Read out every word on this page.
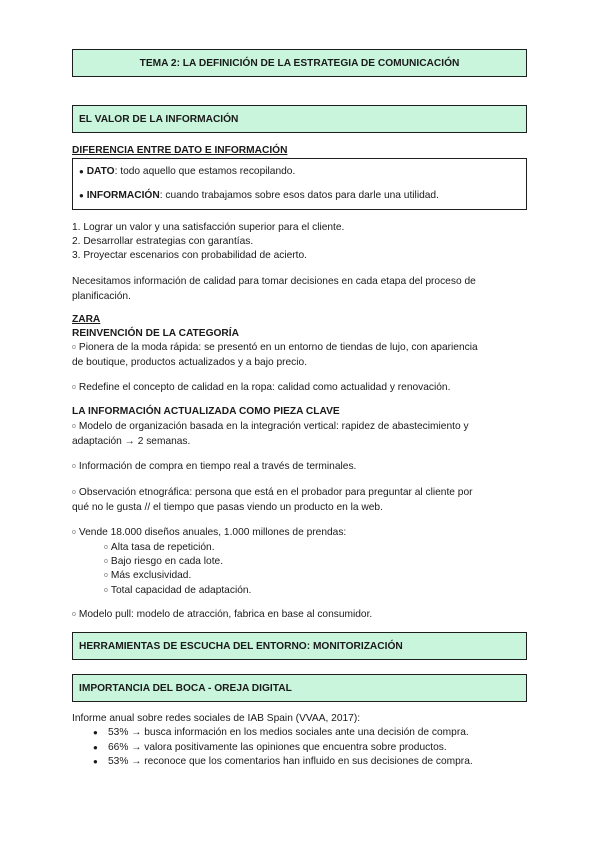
TEMA 2: LA DEFINICIÓN DE LA ESTRATEGIA DE COMUNICACIÓN
EL VALOR DE LA INFORMACIÓN
DIFERENCIA ENTRE DATO E INFORMACIÓN
● DATO: todo aquello que estamos recopilando.
● INFORMACIÓN: cuando trabajamos sobre esos datos para darle una utilidad.
1. Lograr un valor y una satisfacción superior para el cliente.
2. Desarrollar estrategias con garantías.
3. Proyectar escenarios con probabilidad de acierto.
Necesitamos información de calidad para tomar decisiones en cada etapa del proceso de
planificación.
ZARA
REINVENCIÓN DE LA CATEGORÍA
o Pionera de la moda rápida: se presentó en un entorno de tiendas de lujo, con apariencia
de boutique, productos actualizados y a bajo precio.
o Redefine el concepto de calidad en la ropa: calidad como actualidad y renovación.
LA INFORMACIÓN ACTUALIZADA COMO PIEZA CLAVE
o Modelo de organización basada en la integración vertical: rapidez de abastecimiento y
adaptación → 2 semanas.
o Información de compra en tiempo real a través de terminales.
o Observación etnográfica: persona que está en el probador para preguntar al cliente por
qué no le gusta // el tiempo que pasas viendo un producto en la web.
o Vende 18.000 diseños anuales, 1.000 millones de prendas:
o Alta tasa de repetición.
o Bajo riesgo en cada lote.
o Más exclusividad.
o Total capacidad de adaptación.
o Modelo pull: modelo de atracción, fabrica en base al consumidor.
HERRAMIENTAS DE ESCUCHA DEL ENTORNO: MONITORIZACIÓN
IMPORTANCIA DEL BOCA - OREJA DIGITAL
Informe anual sobre redes sociales de IAB Spain (VVAA, 2017):
● 53% → busca información en los medios sociales ante una decisión de compra.
● 66% → valora positivamente las opiniones que encuentra sobre productos.
● 53% → reconoce que los comentarios han influido en sus decisiones de compra.
